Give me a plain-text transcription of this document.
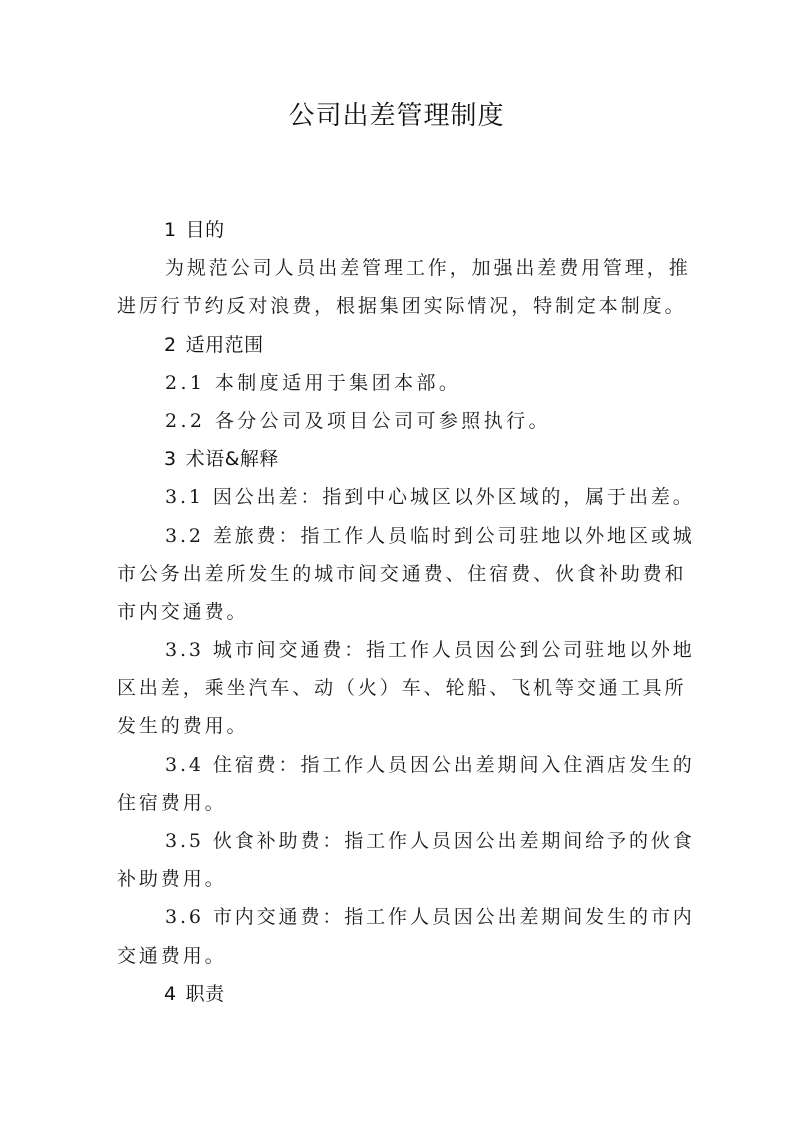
公司出差管理制度
1 目的
为规范公司人员出差管理工作，加强出差费用管理，推
进厉行节约反对浪费，根据集团实际情况，特制定本制度。
2 适用范围
2.1 本制度适用于集团本部。
2.2 各分公司及项目公司可参照执行。
3 术语&解释
3.1 因公出差：指到中心城区以外区域的，属于出差。
3.2 差旅费：指工作人员临时到公司驻地以外地区或城
市公务出差所发生的城市间交通费、住宿费、伙食补助费和
市内交通费。
3.3 城市间交通费：指工作人员因公到公司驻地以外地
区出差，乘坐汽车、动（火）车、轮船、飞机等交通工具所
发生的费用。
3.4 住宿费：指工作人员因公出差期间入住酒店发生的
住宿费用。
3.5 伙食补助费：指工作人员因公出差期间给予的伙食
补助费用。
3.6 市内交通费：指工作人员因公出差期间发生的市内
交通费用。
4 职责
